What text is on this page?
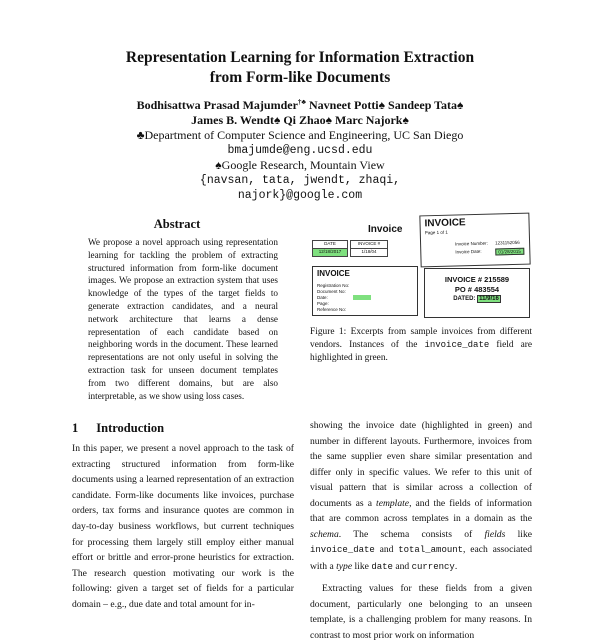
Representation Learning for Information Extraction
from Form-like Documents
Bodhisattwa Prasad Majumder†♣ Navneet Potti♠ Sandeep Tata♠
James B. Wendt♠ Qi Zhao♠ Marc Najork♠
♣Department of Computer Science and Engineering, UC San Diego
bmajumde@eng.ucsd.edu
♠Google Research, Mountain View
{navsan, tata, jwendt, zhaqi,
najork}@google.com
Abstract
We propose a novel approach using representation learning for tackling the problem of extracting structured information from form-like document images. We propose an extraction system that uses knowledge of the types of the target fields to generate extraction candidates, and a neural network architecture that learns a dense representation of each candidate based on neighboring words in the document. These learned representations are not only useful in solving the extraction task for unseen document templates from two different domains, but are also interpretable, as we show using loss cases.
1 Introduction
In this paper, we present a novel approach to the task of extracting structured information from form-like documents using a learned representation of an extraction candidate. Form-like documents like invoices, purchase orders, tax forms and insurance quotes are common in day-to-day business workflows, but current techniques for processing them largely still employ either manual effort or brittle and error-prone heuristics for extraction. The research question motivating our work is the following: given a target set of fields for a particular domain – e.g., due date and total amount for in-
Invoice
DATE	INVOICE #
12/18/2017	1/18/04
INVOICE
Page 1 of 1
Invoice Number: 1231152056
Invoice Date:	01/28/2015
INVOICE
Registration No:
Document No:
Date:
Page:
Reference No:
INVOICE # 215589
PO # 483554
DATED: 11/9/16
Figure 1: Excerpts from sample invoices from different vendors. Instances of the invoice_date field are highlighted in green.

showing the invoice date (highlighted in green) and number in different layouts. Furthermore, invoices from the same supplier even share similar presentation and differ only in specific values. We refer to this unit of visual pattern that is similar across a collection of documents as a template, and the fields of information that are common across templates in a domain as the schema. The schema consists of fields like invoice_date and total_amount, each associated with a type like date and currency.

Extracting values for these fields from a given document, particularly one belonging to an unseen template, is a challenging problem for many reasons. In contrast to most prior work on information
